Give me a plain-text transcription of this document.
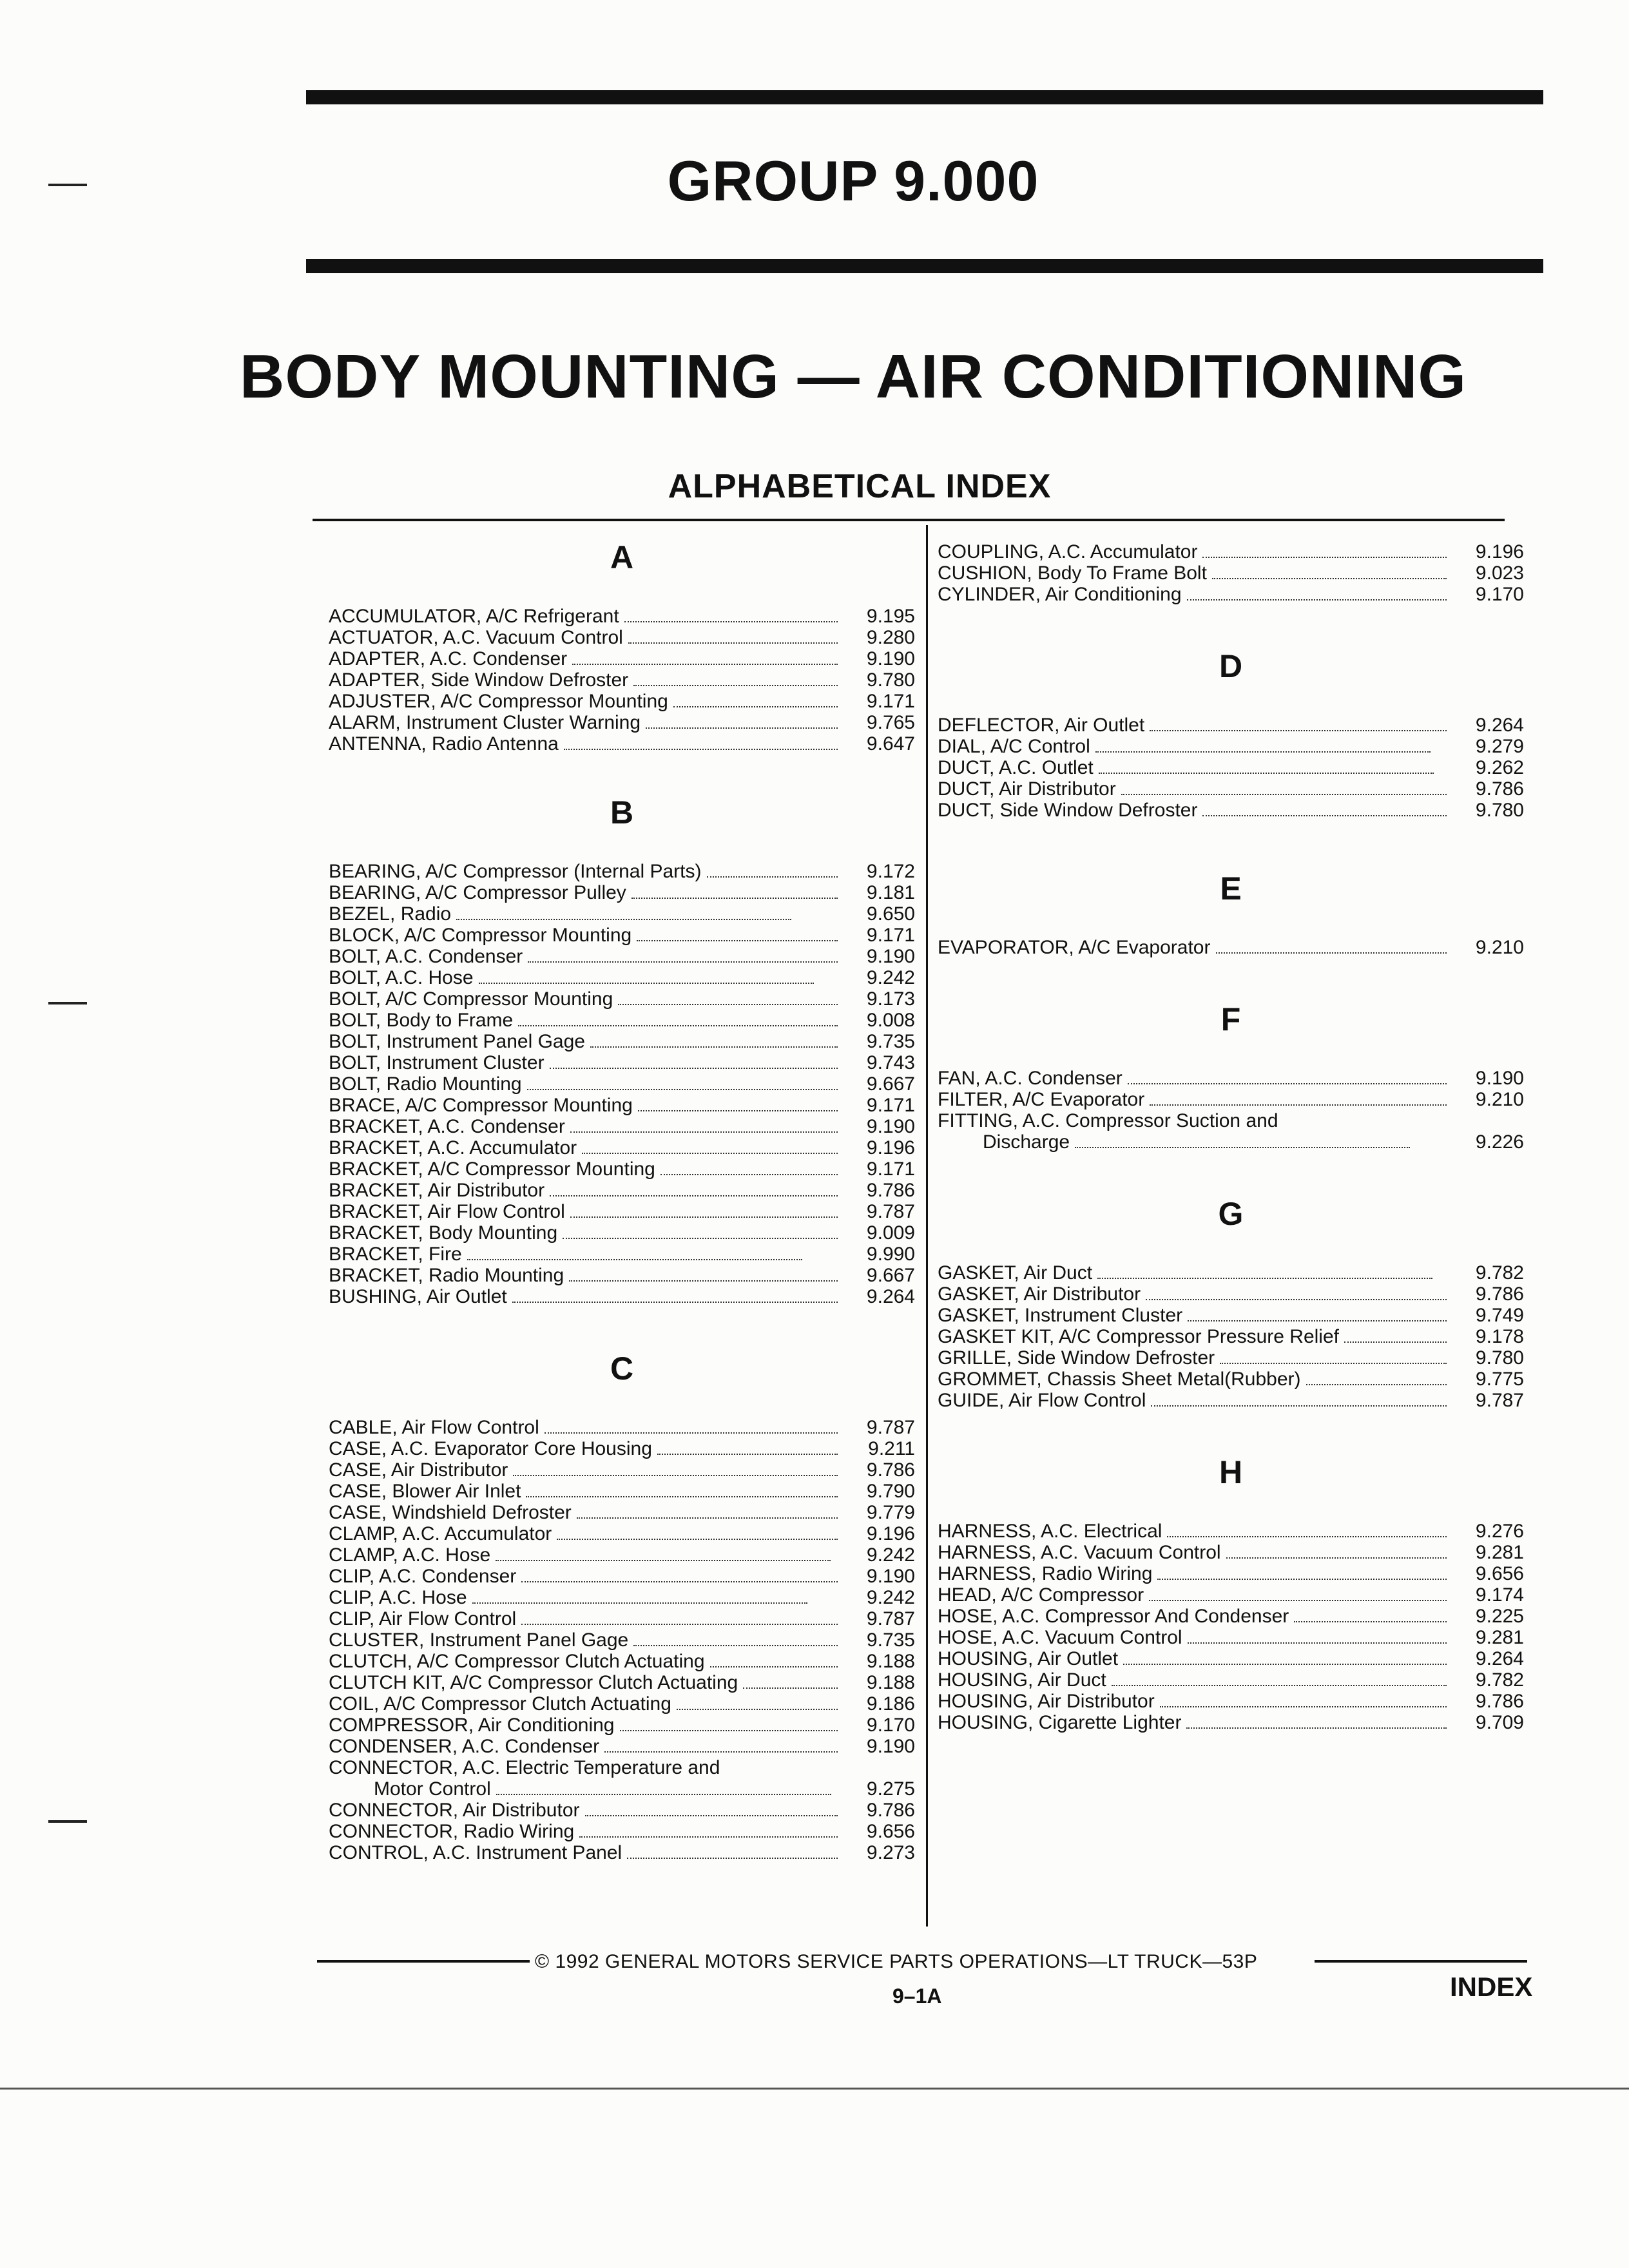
GROUP 9.000
BODY MOUNTING — AIR CONDITIONING
ALPHABETICAL INDEX
A
ACCUMULATOR, A/C Refrigerant	9.195
ACTUATOR, A.C. Vacuum Control	9.280
ADAPTER, A.C. Condenser	9.190
ADAPTER, Side Window Defroster	9.780
ADJUSTER, A/C Compressor Mounting	9.171
ALARM, Instrument Cluster Warning	9.765
ANTENNA, Radio Antenna	9.647
B
BEARING, A/C Compressor (Internal Parts)	9.172
BEARING, A/C Compressor Pulley	9.181
BEZEL, Radio	9.650
BLOCK, A/C Compressor Mounting	9.171
BOLT, A.C. Condenser	9.190
BOLT, A.C. Hose	9.242
BOLT, A/C Compressor Mounting	9.173
BOLT, Body to Frame	9.008
BOLT, Instrument Panel Gage	9.735
BOLT, Instrument Cluster	9.743
BOLT, Radio Mounting	9.667
BRACE, A/C Compressor Mounting	9.171
BRACKET, A.C. Condenser	9.190
BRACKET, A.C. Accumulator	9.196
BRACKET, A/C Compressor Mounting	9.171
BRACKET, Air Distributor	9.786
BRACKET, Air Flow Control	9.787
BRACKET, Body Mounting	9.009
BRACKET, Fire	9.990
BRACKET, Radio Mounting	9.667
BUSHING, Air Outlet	9.264
C
CABLE, Air Flow Control	9.787
CASE, A.C. Evaporator Core Housing	9.211
CASE, Air Distributor	9.786
CASE, Blower Air Inlet	9.790
CASE, Windshield Defroster	9.779
CLAMP, A.C. Accumulator	9.196
CLAMP, A.C. Hose	9.242
CLIP, A.C. Condenser	9.190
CLIP, A.C. Hose	9.242
CLIP, Air Flow Control	9.787
CLUSTER, Instrument Panel Gage	9.735
CLUTCH, A/C Compressor Clutch Actuating	9.188
CLUTCH KIT, A/C Compressor Clutch Actuating	9.188
COIL, A/C Compressor Clutch Actuating	9.186
COMPRESSOR, Air Conditioning	9.170
CONDENSER, A.C. Condenser	9.190
CONNECTOR, A.C. Electric Temperature and
Motor Control	9.275
CONNECTOR, Air Distributor	9.786
CONNECTOR, Radio Wiring	9.656
CONTROL, A.C. Instrument Panel	9.273
COUPLING, A.C. Accumulator	9.196
CUSHION, Body To Frame Bolt	9.023
CYLINDER, Air Conditioning	9.170
D
DEFLECTOR, Air Outlet	9.264
DIAL, A/C Control	9.279
DUCT, A.C. Outlet	9.262
DUCT, Air Distributor	9.786
DUCT, Side Window Defroster	9.780
E
EVAPORATOR, A/C Evaporator	9.210
F
FAN, A.C. Condenser	9.190
FILTER, A/C Evaporator	9.210
FITTING, A.C. Compressor Suction and
Discharge	9.226
G
GASKET, Air Duct	9.782
GASKET, Air Distributor	9.786
GASKET, Instrument Cluster	9.749
GASKET KIT, A/C Compressor Pressure Relief	9.178
GRILLE, Side Window Defroster	9.780
GROMMET, Chassis Sheet Metal(Rubber)	9.775
GUIDE, Air Flow Control	9.787
H
HARNESS, A.C. Electrical	9.276
HARNESS, A.C. Vacuum Control	9.281
HARNESS, Radio Wiring	9.656
HEAD, A/C Compressor	9.174
HOSE, A.C. Compressor And Condenser	9.225
HOSE, A.C. Vacuum Control	9.281
HOUSING, Air Outlet	9.264
HOUSING, Air Duct	9.782
HOUSING, Air Distributor	9.786
HOUSING, Cigarette Lighter	9.709
© 1992 GENERAL MOTORS SERVICE PARTS OPERATIONS—LT TRUCK—53P
9–1A	INDEX
